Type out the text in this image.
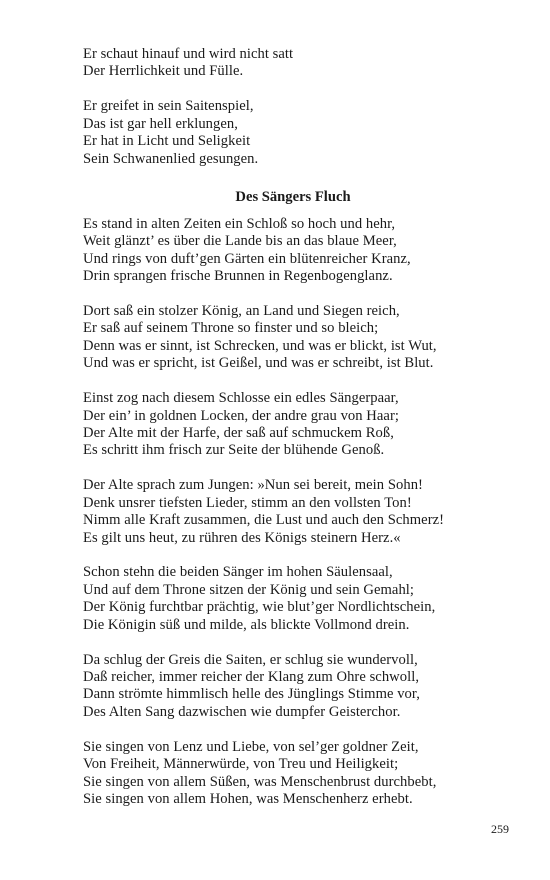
Er schaut hinauf und wird nicht satt
Der Herrlichkeit und Fülle.
Er greifet in sein Saitenspiel,
Das ist gar hell erklungen,
Er hat in Licht und Seligkeit
Sein Schwanenlied gesungen.
Des Sängers Fluch
Es stand in alten Zeiten ein Schloß so hoch und hehr,
Weit glänzt’ es über die Lande bis an das blaue Meer,
Und rings von duft’gen Gärten ein blütenreicher Kranz,
Drin sprangen frische Brunnen in Regenbogenglanz.
Dort saß ein stolzer König, an Land und Siegen reich,
Er saß auf seinem Throne so finster und so bleich;
Denn was er sinnt, ist Schrecken, und was er blickt, ist Wut,
Und was er spricht, ist Geißel, und was er schreibt, ist Blut.
Einst zog nach diesem Schlosse ein edles Sängerpaar,
Der ein’ in goldnen Locken, der andre grau von Haar;
Der Alte mit der Harfe, der saß auf schmuckem Roß,
Es schritt ihm frisch zur Seite der blühende Genoß.
Der Alte sprach zum Jungen: »Nun sei bereit, mein Sohn!
Denk unsrer tiefsten Lieder, stimm an den vollsten Ton!
Nimm alle Kraft zusammen, die Lust und auch den Schmerz!
Es gilt uns heut, zu rühren des Königs steinern Herz.«
Schon stehn die beiden Sänger im hohen Säulensaal,
Und auf dem Throne sitzen der König und sein Gemahl;
Der König furchtbar prächtig, wie blut’ger Nordlichtschein,
Die Königin süß und milde, als blickte Vollmond drein.
Da schlug der Greis die Saiten, er schlug sie wundervoll,
Daß reicher, immer reicher der Klang zum Ohre schwoll,
Dann strömte himmlisch helle des Jünglings Stimme vor,
Des Alten Sang dazwischen wie dumpfer Geisterchor.
Sie singen von Lenz und Liebe, von sel’ger goldner Zeit,
Von Freiheit, Männerwürde, von Treu und Heiligkeit;
Sie singen von allem Süßen, was Menschenbrust durchbebt,
Sie singen von allem Hohen, was Menschenherz erhebt.
259
